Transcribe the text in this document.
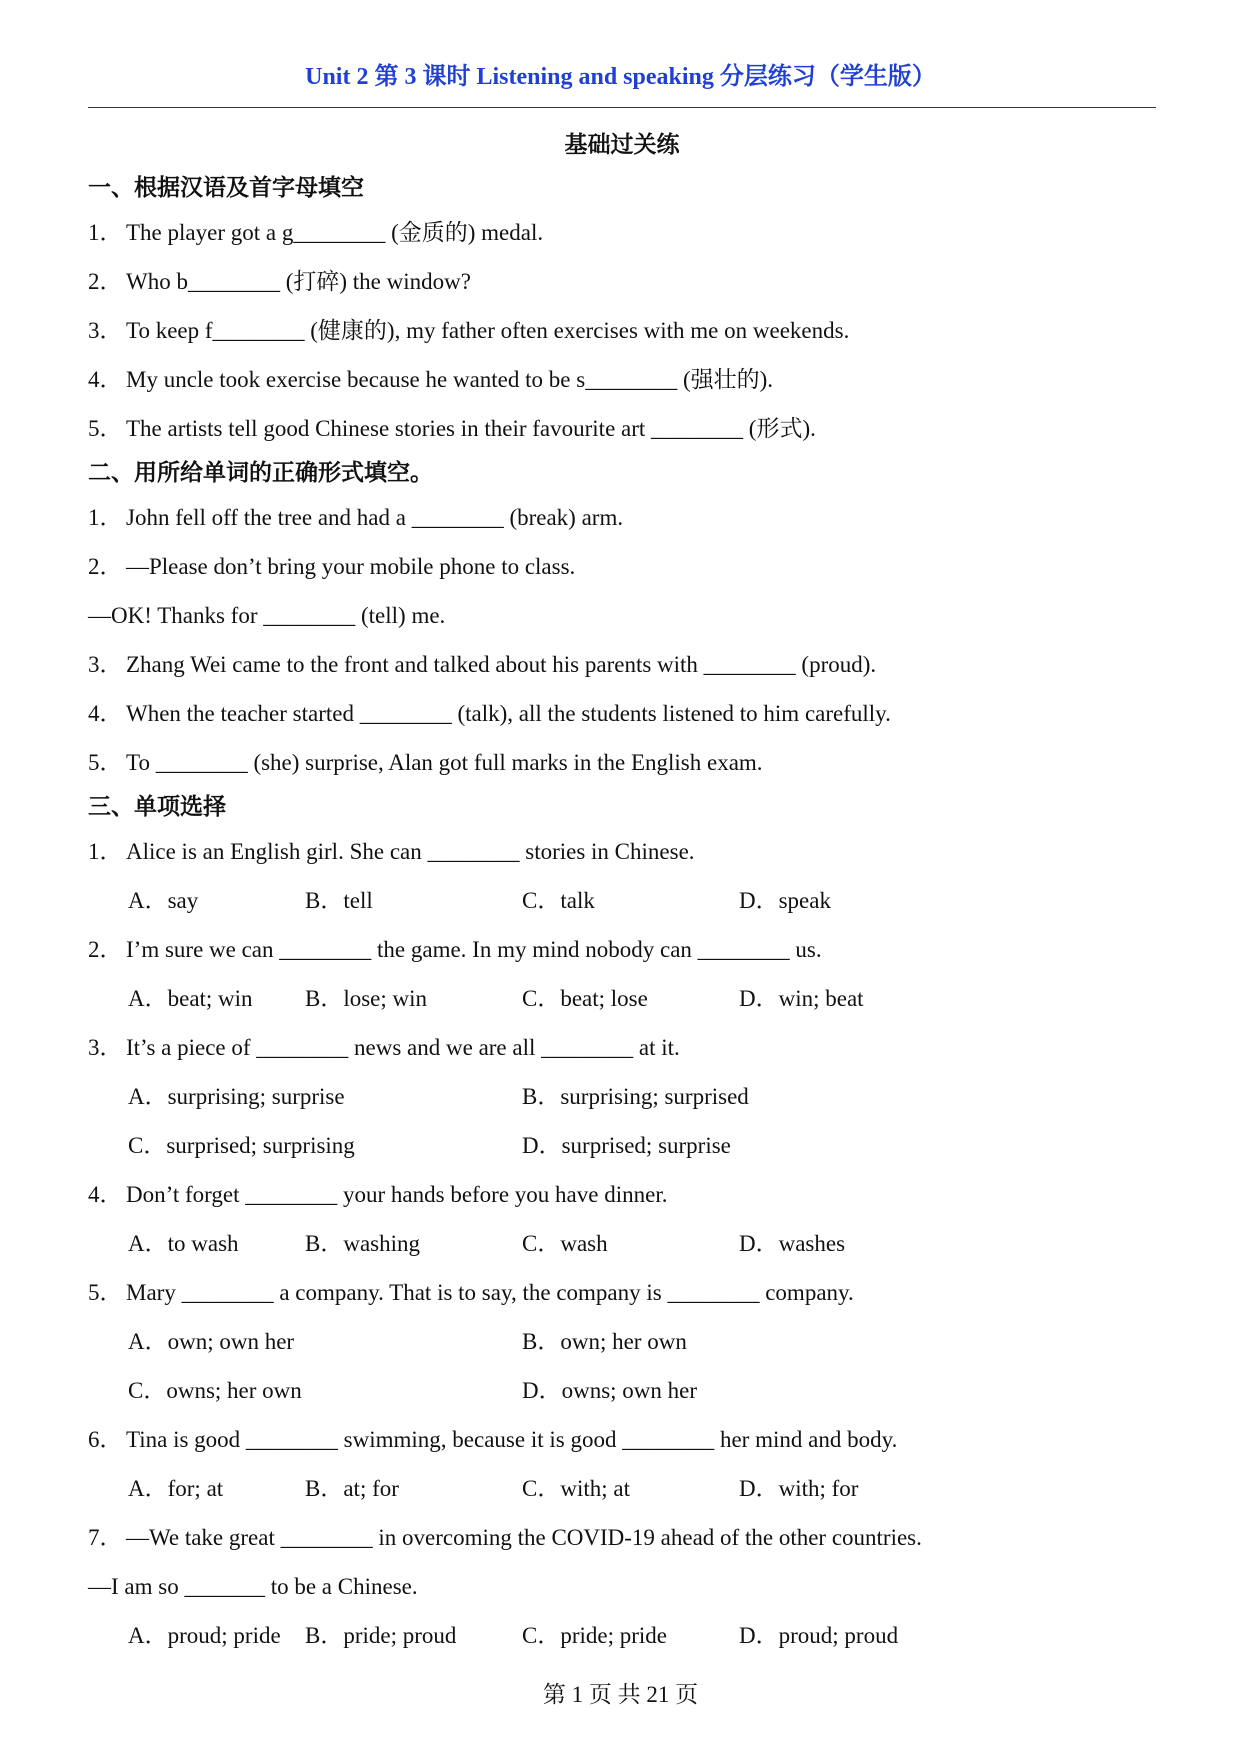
Unit 2 第 3 课时 Listening and speaking 分层练习（学生版）
基础过关练
一、根据汉语及首字母填空
1． The player got a g________ (金质的) medal.
2． Who b________ (打碎) the window?
3． To keep f________ (健康的), my father often exercises with me on weekends.
4． My uncle took exercise because he wanted to be s________ (强壮的).
5． The artists tell good Chinese stories in their favourite art ________ (形式).
二、用所给单词的正确形式填空。
1． John fell off the tree and had a ________ (break) arm.
2． —Please don’t bring your mobile phone to class.
—OK! Thanks for ________ (tell) me.
3． Zhang Wei came to the front and talked about his parents with ________ (proud).
4． When the teacher started ________ (talk), all the students listened to him carefully.
5． To ________ (she) surprise, Alan got full marks in the English exam.
三、单项选择
1． Alice is an English girl. She can ________ stories in Chinese.
A．say	B．tell	C．talk	D．speak
2． I’m sure we can ________ the game. In my mind nobody can ________ us.
A．beat; win B．lose; win	C．beat; lose	D．win; beat
3． It’s a piece of ________ news and we are all ________ at it.
A．surprising; surprise	B．surprising; surprised
C．surprised; surprising	D．surprised; surprise
4． Don’t forget ________ your hands before you have dinner.
A．to wash	B．washing	C．wash	D．washes
5． Mary ________ a company. That is to say, the company is ________ company.
A．own; own her	B．own; her own
C．owns; her own	D．owns; own her
6． Tina is good ________ swimming, because it is good ________ her mind and body.
A．for; at	B．at; for	C．with; at	D．with; for
7． —We take great ________ in overcoming the COVID-19 ahead of the other countries.
—I am so _______ to be a Chinese.
A．proud; pride B．pride; proud	C．pride; pride	D．proud; proud
第 1 页 共 21 页
